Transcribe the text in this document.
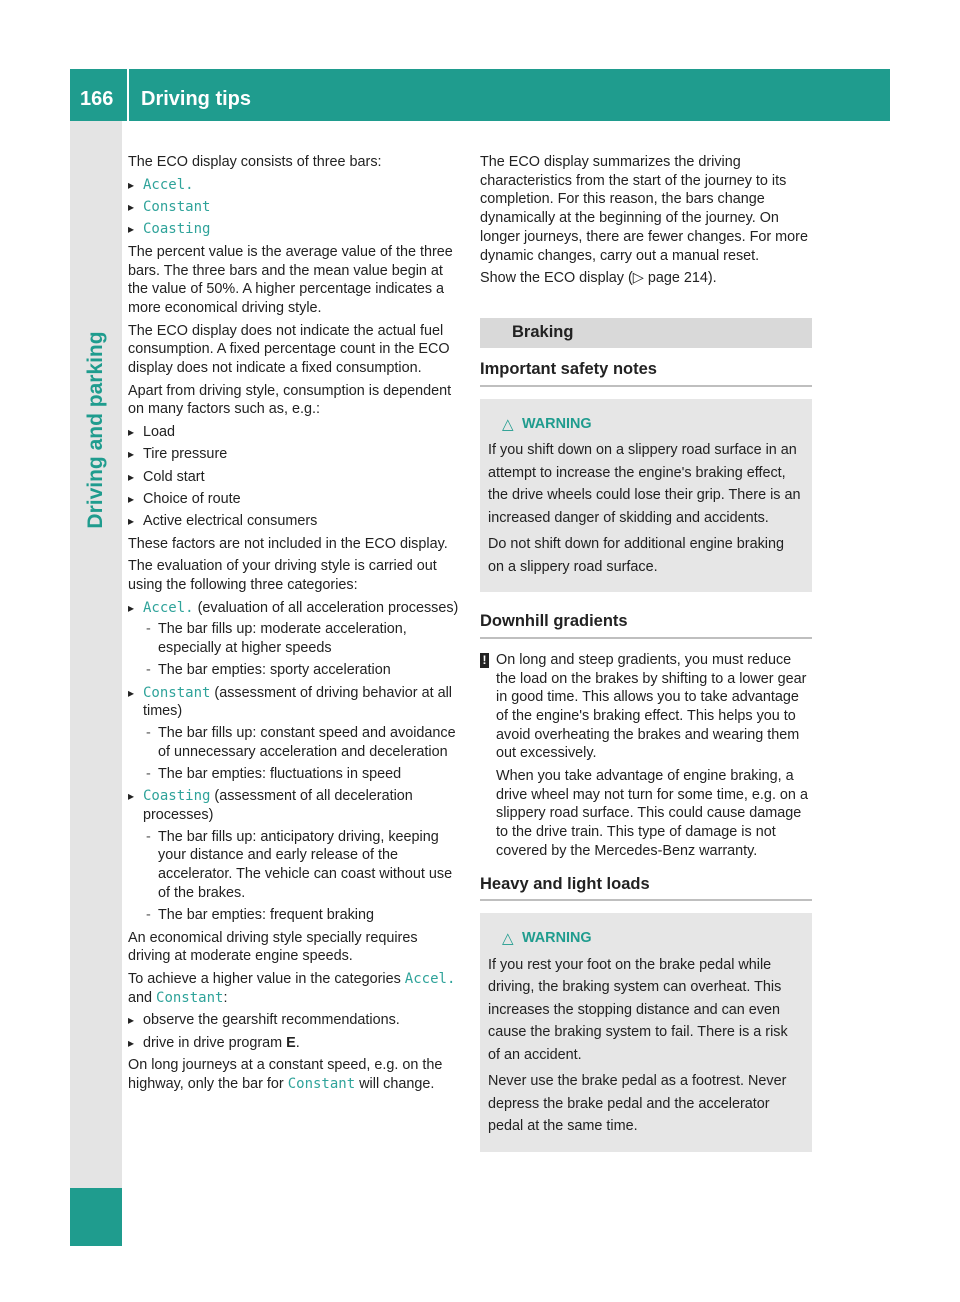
166 Driving tips
Driving and parking

The ECO display consists of three bars:

▸ Accel.
▸ Constant
▸ Coasting

The percent value is the average value of the three bars. The three bars and the mean value begin at the value of 50%. A higher percentage indicates a more economical driving style.

The ECO display does not indicate the actual fuel consumption. A fixed percentage count in the ECO display does not indicate a fixed consumption.

Apart from driving style, consumption is dependent on many factors such as, e.g.:

▸ Load
▸ Tire pressure
▸ Cold start
▸ Choice of route
▸ Active electrical consumers

These factors are not included in the ECO display.

The evaluation of your driving style is carried out using the following three categories:

▸ Accel. (evaluation of all acceleration processes)
- The bar fills up: moderate acceleration, especially at higher speeds
- The bar empties: sporty acceleration
▸ Constant (assessment of driving behavior at all times)
- The bar fills up: constant speed and avoidance of unnecessary acceleration and deceleration
- The bar empties: fluctuations in speed
▸ Coasting (assessment of all deceleration processes)
- The bar fills up: anticipatory driving, keeping your distance and early release of the accelerator. The vehicle can coast without use of the brakes.
- The bar empties: frequent braking

An economical driving style specially requires driving at moderate engine speeds.

To achieve a higher value in the categories Accel. and Constant:

▸ observe the gearshift recommendations.
▸ drive in drive program E.

On long journeys at a constant speed, e.g. on the highway, only the bar for Constant will change.

The ECO display summarizes the driving characteristics from the start of the journey to its completion. For this reason, the bars change dynamically at the beginning of the journey. On longer journeys, there are fewer changes. For more dynamic changes, carry out a manual reset.

Show the ECO display (▷ page 214).

Braking
Important safety notes
△ WARNING

If you shift down on a slippery road surface in an attempt to increase the engine's braking effect, the drive wheels could lose their grip. There is an increased danger of skidding and accidents.

Do not shift down for additional engine braking on a slippery road surface.

Downhill gradients
! On long and steep gradients, you must reduce the load on the brakes by shifting to a lower gear in good time. This allows you to take advantage of the engine's braking effect. This helps you to avoid overheating the brakes and wearing them out excessively.

When you take advantage of engine braking, a drive wheel may not turn for some time, e.g. on a slippery road surface. This could cause damage to the drive train. This type of damage is not covered by the Mercedes-Benz warranty.

Heavy and light loads
△ WARNING

If you rest your foot on the brake pedal while driving, the braking system can overheat. This increases the stopping distance and can even cause the braking system to fail. There is a risk of an accident.

Never use the brake pedal as a footrest. Never depress the brake pedal and the accelerator pedal at the same time.
